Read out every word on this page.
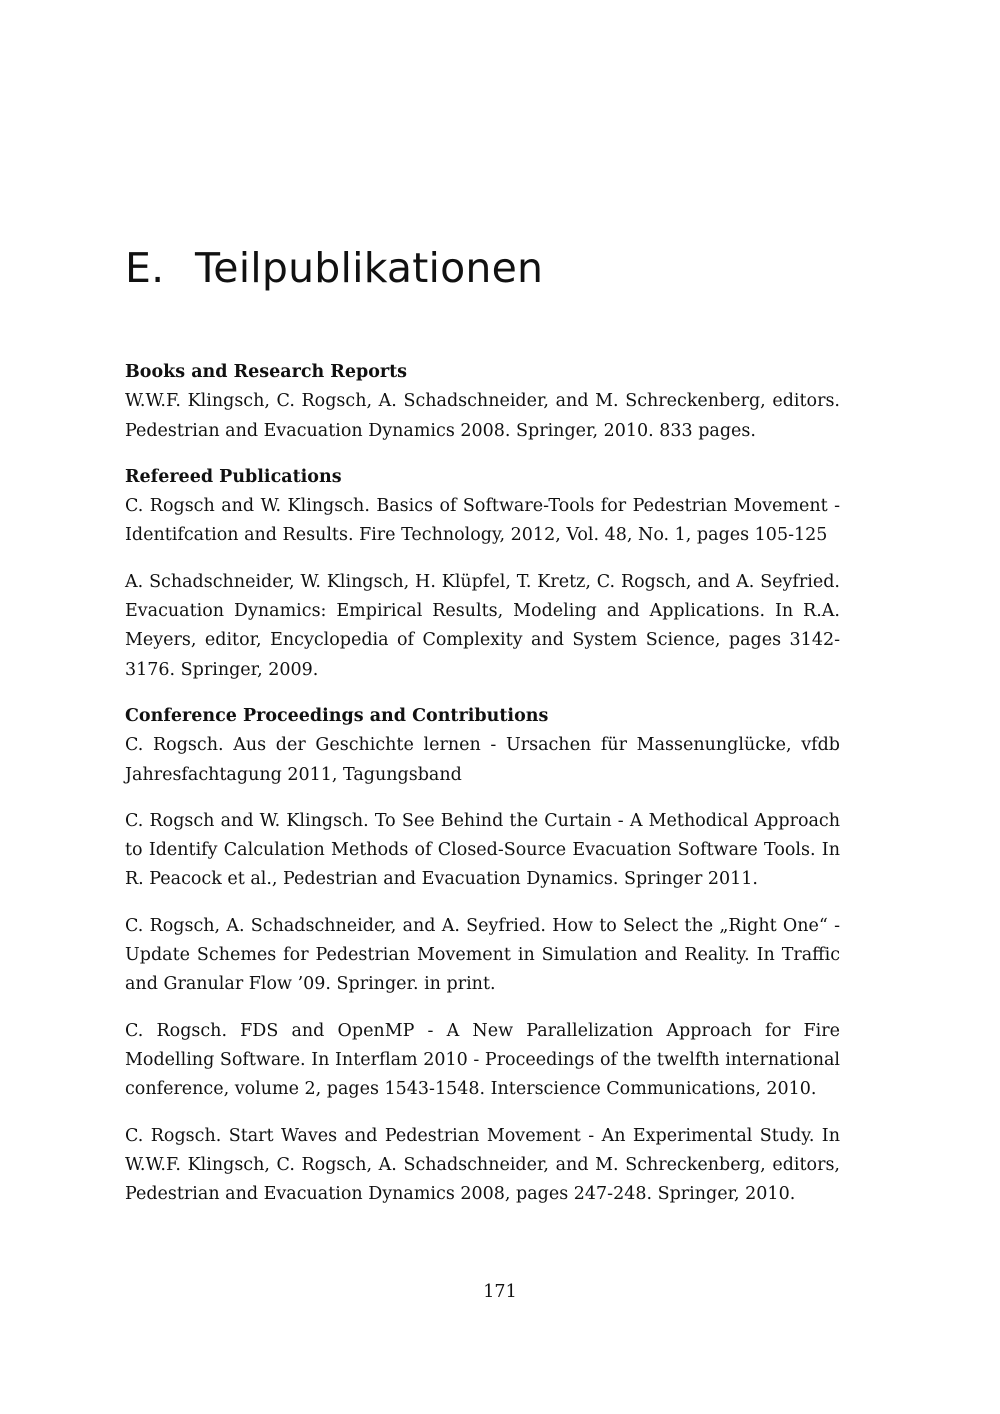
E. Teilpublikationen

Books and Research Reports

W.W.F. Klingsch, C. Rogsch, A. Schadschneider, and M. Schreckenberg, editors. Pedestrian and Evacuation Dynamics 2008. Springer, 2010. 833 pages.

Refereed Publications

C. Rogsch and W. Klingsch. Basics of Software-Tools for Pedestrian Movement - Identifcation and Results. Fire Technology, 2012, Vol. 48, No. 1, pages 105-125

A. Schadschneider, W. Klingsch, H. Klüpfel, T. Kretz, C. Rogsch, and A. Seyfried. Evacuation Dynamics: Empirical Results, Modeling and Applications. In R.A. Meyers, editor, Encyclopedia of Complexity and System Science, pages 3142-3176. Springer, 2009.

Conference Proceedings and Contributions

C. Rogsch. Aus der Geschichte lernen - Ursachen für Massenunglücke, vfdb Jahresfachtagung 2011, Tagungsband

C. Rogsch and W. Klingsch. To See Behind the Curtain - A Methodical Approach to Identify Calculation Methods of Closed-Source Evacuation Software Tools. In R. Peacock et al., Pedestrian and Evacuation Dynamics. Springer 2011.

C. Rogsch, A. Schadschneider, and A. Seyfried. How to Select the „Right One“ - Update Schemes for Pedestrian Movement in Simulation and Reality. In Traffic and Granular Flow ’09. Springer. in print.

C. Rogsch. FDS and OpenMP - A New Parallelization Approach for Fire Modelling Software. In Interflam 2010 - Proceedings of the twelfth international conference, volume 2, pages 1543-1548. Interscience Communications, 2010.

C. Rogsch. Start Waves and Pedestrian Movement - An Experimental Study. In W.W.F. Klingsch, C. Rogsch, A. Schadschneider, and M. Schreckenberg, editors, Pedestrian and Evacuation Dynamics 2008, pages 247-248. Springer, 2010.

171
